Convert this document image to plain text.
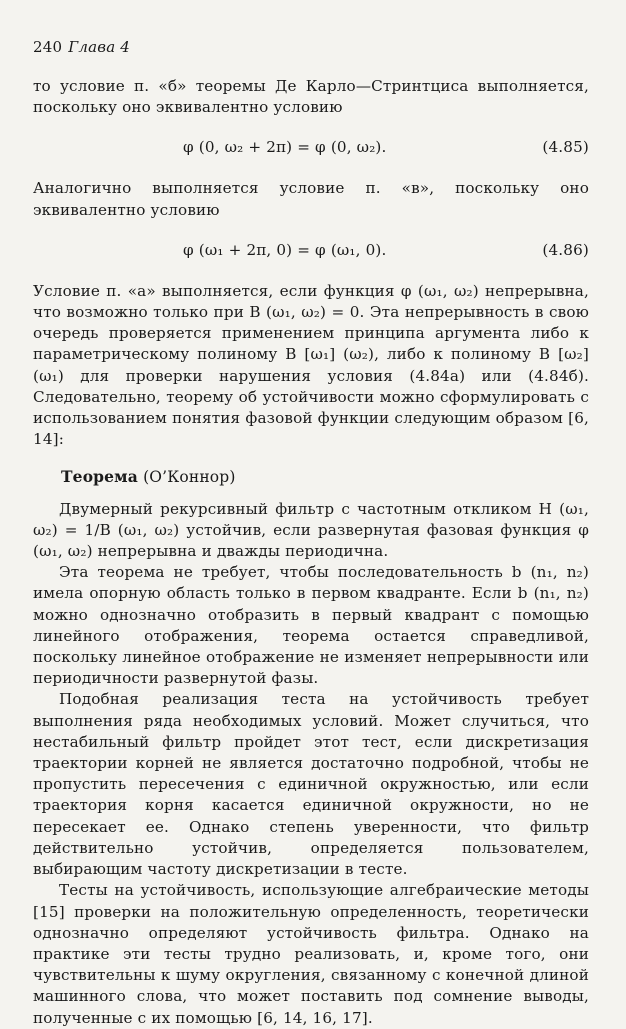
240 Глава 4

то условие п. «б» теоремы Де Карло—Стринтциса выполняется, поскольку оно эквивалентно условию

φ (0, ω₂ + 2π) = φ (0, ω₂).	(4.85)

Аналогично выполняется условие п. «в», поскольку оно эквивалентно условию

φ (ω₁ + 2π, 0) = φ (ω₁, 0).	(4.86)

Условие п. «а» выполняется, если функция φ (ω₁, ω₂) непрерывна, что возможно только при B (ω₁, ω₂) = 0. Эта непрерывность в свою очередь проверяется применением принципа аргумента либо к параметрическому полиному B [ω₁] (ω₂), либо к полиному B [ω₂] (ω₁) для проверки нарушения условия (4.84а) или (4.84б). Следовательно, теорему об устойчивости можно сформулировать с использованием понятия фазовой функции следующим образом [6, 14]:

Теорема (О’Коннор)

Двумерный рекурсивный фильтр с частотным откликом H (ω₁, ω₂) = 1/B (ω₁, ω₂) устойчив, если развернутая фазовая функция φ (ω₁, ω₂) непрерывна и дважды периодична.

Эта теорема не требует, чтобы последовательность b (n₁, n₂) имела опорную область только в первом квадранте. Если b (n₁, n₂) можно однозначно отобразить в первый квадрант с помощью линейного отображения, теорема остается справедливой, поскольку линейное отображение не изменяет непрерывности или периодичности развернутой фазы.

Подобная реализация теста на устойчивость требует выполнения ряда необходимых условий. Может случиться, что нестабильный фильтр пройдет этот тест, если дискретизация траектории корней не является достаточно подробной, чтобы не пропустить пересечения с единичной окружностью, или если траектория корня касается единичной окружности, но не пересекает ее. Однако степень уверенности, что фильтр действительно устойчив, определяется пользователем, выбирающим частоту дискретизации в тесте.

Тесты на устойчивость, использующие алгебраические методы [15] проверки на положительную определенность, теоретически однозначно определяют устойчивость фильтра. Однако на практике эти тесты трудно реализовать, и, кроме того, они чувствительны к шуму округления, связанному с конечной длиной машинного слова, что может поставить под сомнение выводы, полученные с их помощью [6, 14, 16, 17].
